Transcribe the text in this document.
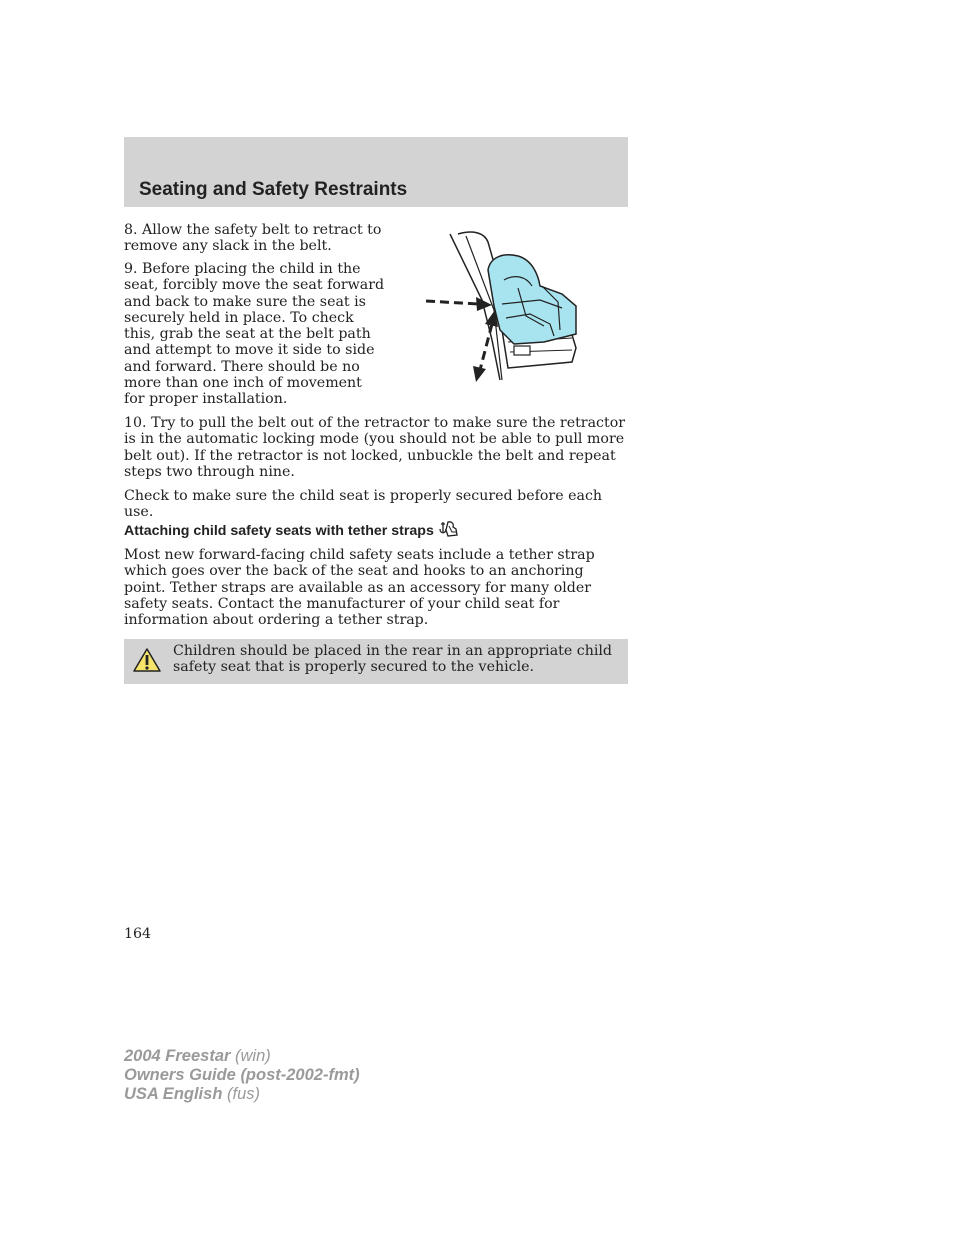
Seating and Safety Restraints

8. Allow the safety belt to retract to remove any slack in the belt.

9. Before placing the child in the seat, forcibly move the seat forward and back to make sure the seat is securely held in place. To check this, grab the seat at the belt path and attempt to move it side to side and forward. There should be no more than one inch of movement for proper installation.

10. Try to pull the belt out of the retractor to make sure the retractor is in the automatic locking mode (you should not be able to pull more belt out). If the retractor is not locked, unbuckle the belt and repeat steps two through nine.

Check to make sure the child seat is properly secured before each use.

Attaching child safety seats with tether straps

Most new forward-facing child safety seats include a tether strap which goes over the back of the seat and hooks to an anchoring point. Tether straps are available as an accessory for many older safety seats. Contact the manufacturer of your child seat for information about ordering a tether strap.

Children should be placed in the rear in an appropriate child safety seat that is properly secured to the vehicle.

164

2004 Freestar (win)
Owners Guide (post-2002-fmt)
USA English (fus)
